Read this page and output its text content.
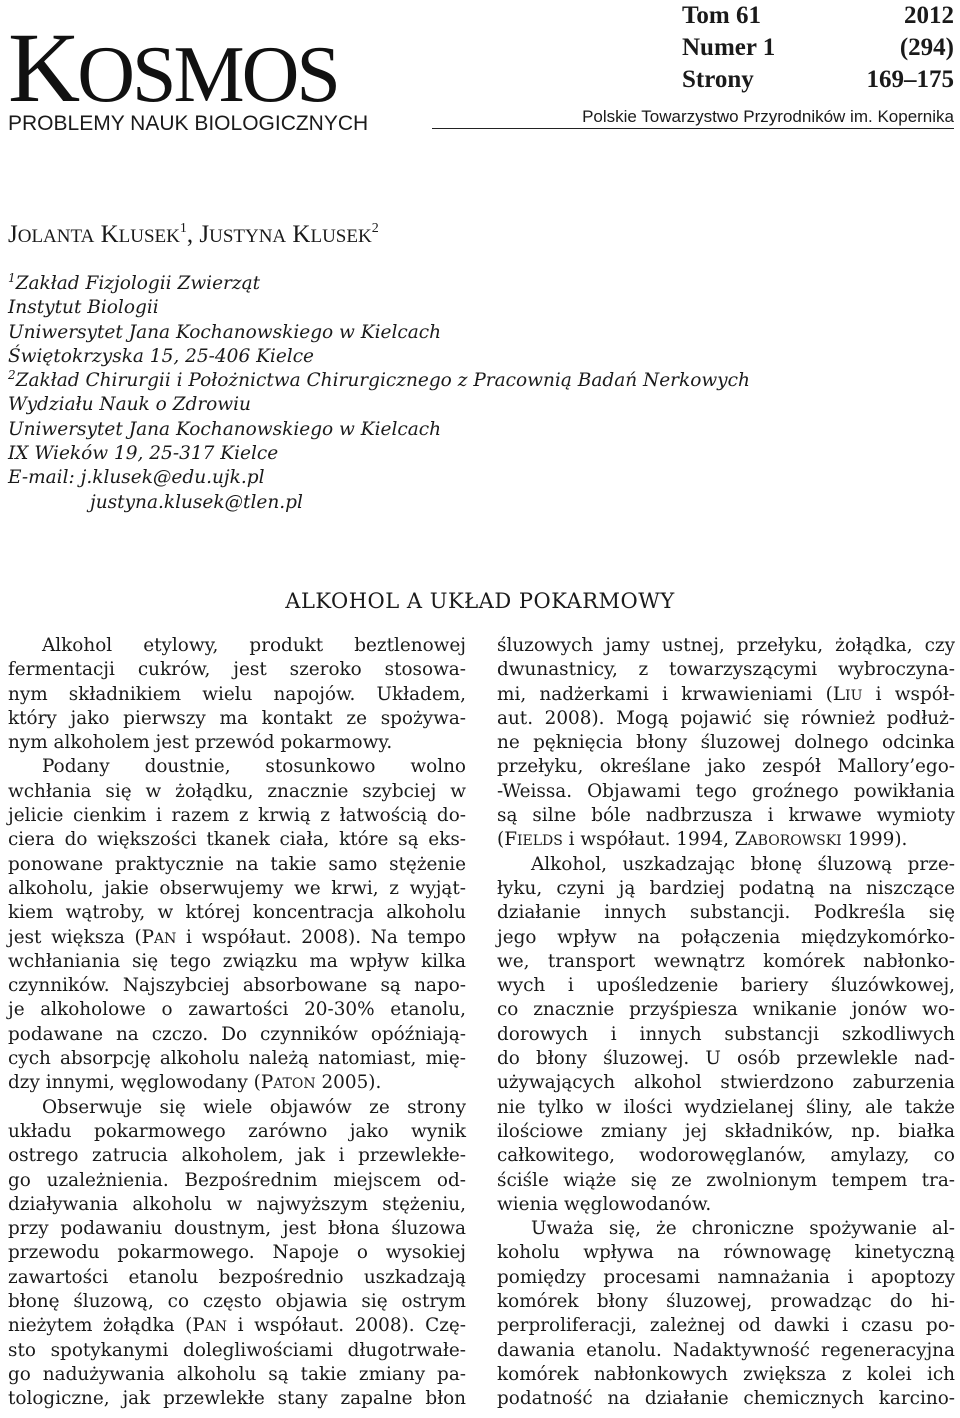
KOSMOS
PROBLEMY NAUK BIOLOGICZNYCH	Polskie Towarzystwo Przyrodników im. Kopernika
Tom 61	2012
Numer 1	(294)
Strony	169–175
JOLANTA KLUSEK$^1$, JUSTYNA KLUSEK$^2$
$^1$Zakład Fizjologii Zwierząt
Instytut Biologii
Uniwersytet Jana Kochanowskiego w Kielcach
Świętokrzyska 15, 25-406 Kielce
$^2$Zakład Chirurgii i Położnictwa Chirurgicznego z Pracownią Badań Nerkowych
Wydziału Nauk o Zdrowiu
Uniwersytet Jana Kochanowskiego w Kielcach
IX Wieków 19, 25-317 Kielce
E-mail: j.klusek@edu.ujk.pl
justyna.klusek@tlen.pl
ALKOHOL A UKŁAD POKARMOWY
Alkohol etylowy, produkt beztlenowej
fermentacji cukrów, jest szeroko stosowa-
nym składnikiem wielu napojów. Układem,
który jako pierwszy ma kontakt ze spożywa-
nym alkoholem jest przewód pokarmowy.
Podany doustnie, stosunkowo wolno
wchłania się w żołądku, znacznie szybciej w
jelicie cienkim i razem z krwią z łatwością do-
ciera do większości tkanek ciała, które są eks-
ponowane praktycznie na takie samo stężenie
alkoholu, jakie obserwujemy we krwi, z wyjąt-
kiem wątroby, w której koncentracja alkoholu
jest większa (PAN i współaut. 2008). Na tempo
wchłaniania się tego związku ma wpływ kilka
czynników. Najszybciej absorbowane są napo-
je alkoholowe o zawartości 20-30% etanolu,
podawane na czczo. Do czynników opóźniają-
cych absorpcję alkoholu należą natomiast, mię-
dzy innymi, węglowodany (PATON 2005).
Obserwuje się wiele objawów ze strony
układu pokarmowego zarówno jako wynik
ostrego zatrucia alkoholem, jak i przewlekłe-
go uzależnienia. Bezpośrednim miejscem od-
działywania alkoholu w najwyższym stężeniu,
przy podawaniu doustnym, jest błona śluzowa
przewodu pokarmowego. Napoje o wysokiej
zawartości etanolu bezpośrednio uszkadzają
błonę śluzową, co często objawia się ostrym
nieżytem żołądka (PAN i współaut. 2008). Czę-
sto spotykanymi dolegliwościami długotrwałe-
go nadużywania alkoholu są takie zmiany pa-
tologiczne, jak przewlekłe stany zapalne błon
śluzowych jamy ustnej, przełyku, żołądka, czy
dwunastnicy, z towarzyszącymi wybroczyna-
mi, nadżerkami i krwawieniami (LIU i współ-
aut. 2008). Mogą pojawić się również podłuż-
ne pęknięcia błony śluzowej dolnego odcinka
przełyku, określane jako zespół Mallory’ego-
-Weissa. Objawami tego groźnego powikłania
są silne bóle nadbrzusza i krwawe wymioty
(FIELDS i współaut. 1994, ZABOROWSKI 1999).
Alkohol, uszkadzając błonę śluzową prze-
łyku, czyni ją bardziej podatną na niszczące
działanie innych substancji. Podkreśla się
jego wpływ na połączenia międzykomórko-
we, transport wewnątrz komórek nabłonko-
wych i upośledzenie bariery śluzówkowej,
co znacznie przyśpiesza wnikanie jonów wo-
dorowych i innych substancji szkodliwych
do błony śluzowej. U osób przewlekle nad-
używających alkohol stwierdzono zaburzenia
nie tylko w ilości wydzielanej śliny, ale także
ilościowe zmiany jej składników, np. białka
całkowitego, wodorowęglanów, amylazy, co
ściśle wiąże się ze zwolnionym tempem tra-
wienia węglowodanów.
Uważa się, że chroniczne spożywanie al-
koholu wpływa na równowagę kinetyczną
pomiędzy procesami namnażania i apoptozy
komórek błony śluzowej, prowadząc do hi-
perproliferacji, zależnej od dawki i czasu po-
dawania etanolu. Nadaktywność regeneracyjna
komórek nabłonkowych zwiększa z kolei ich
podatność na działanie chemicznych karcino-
